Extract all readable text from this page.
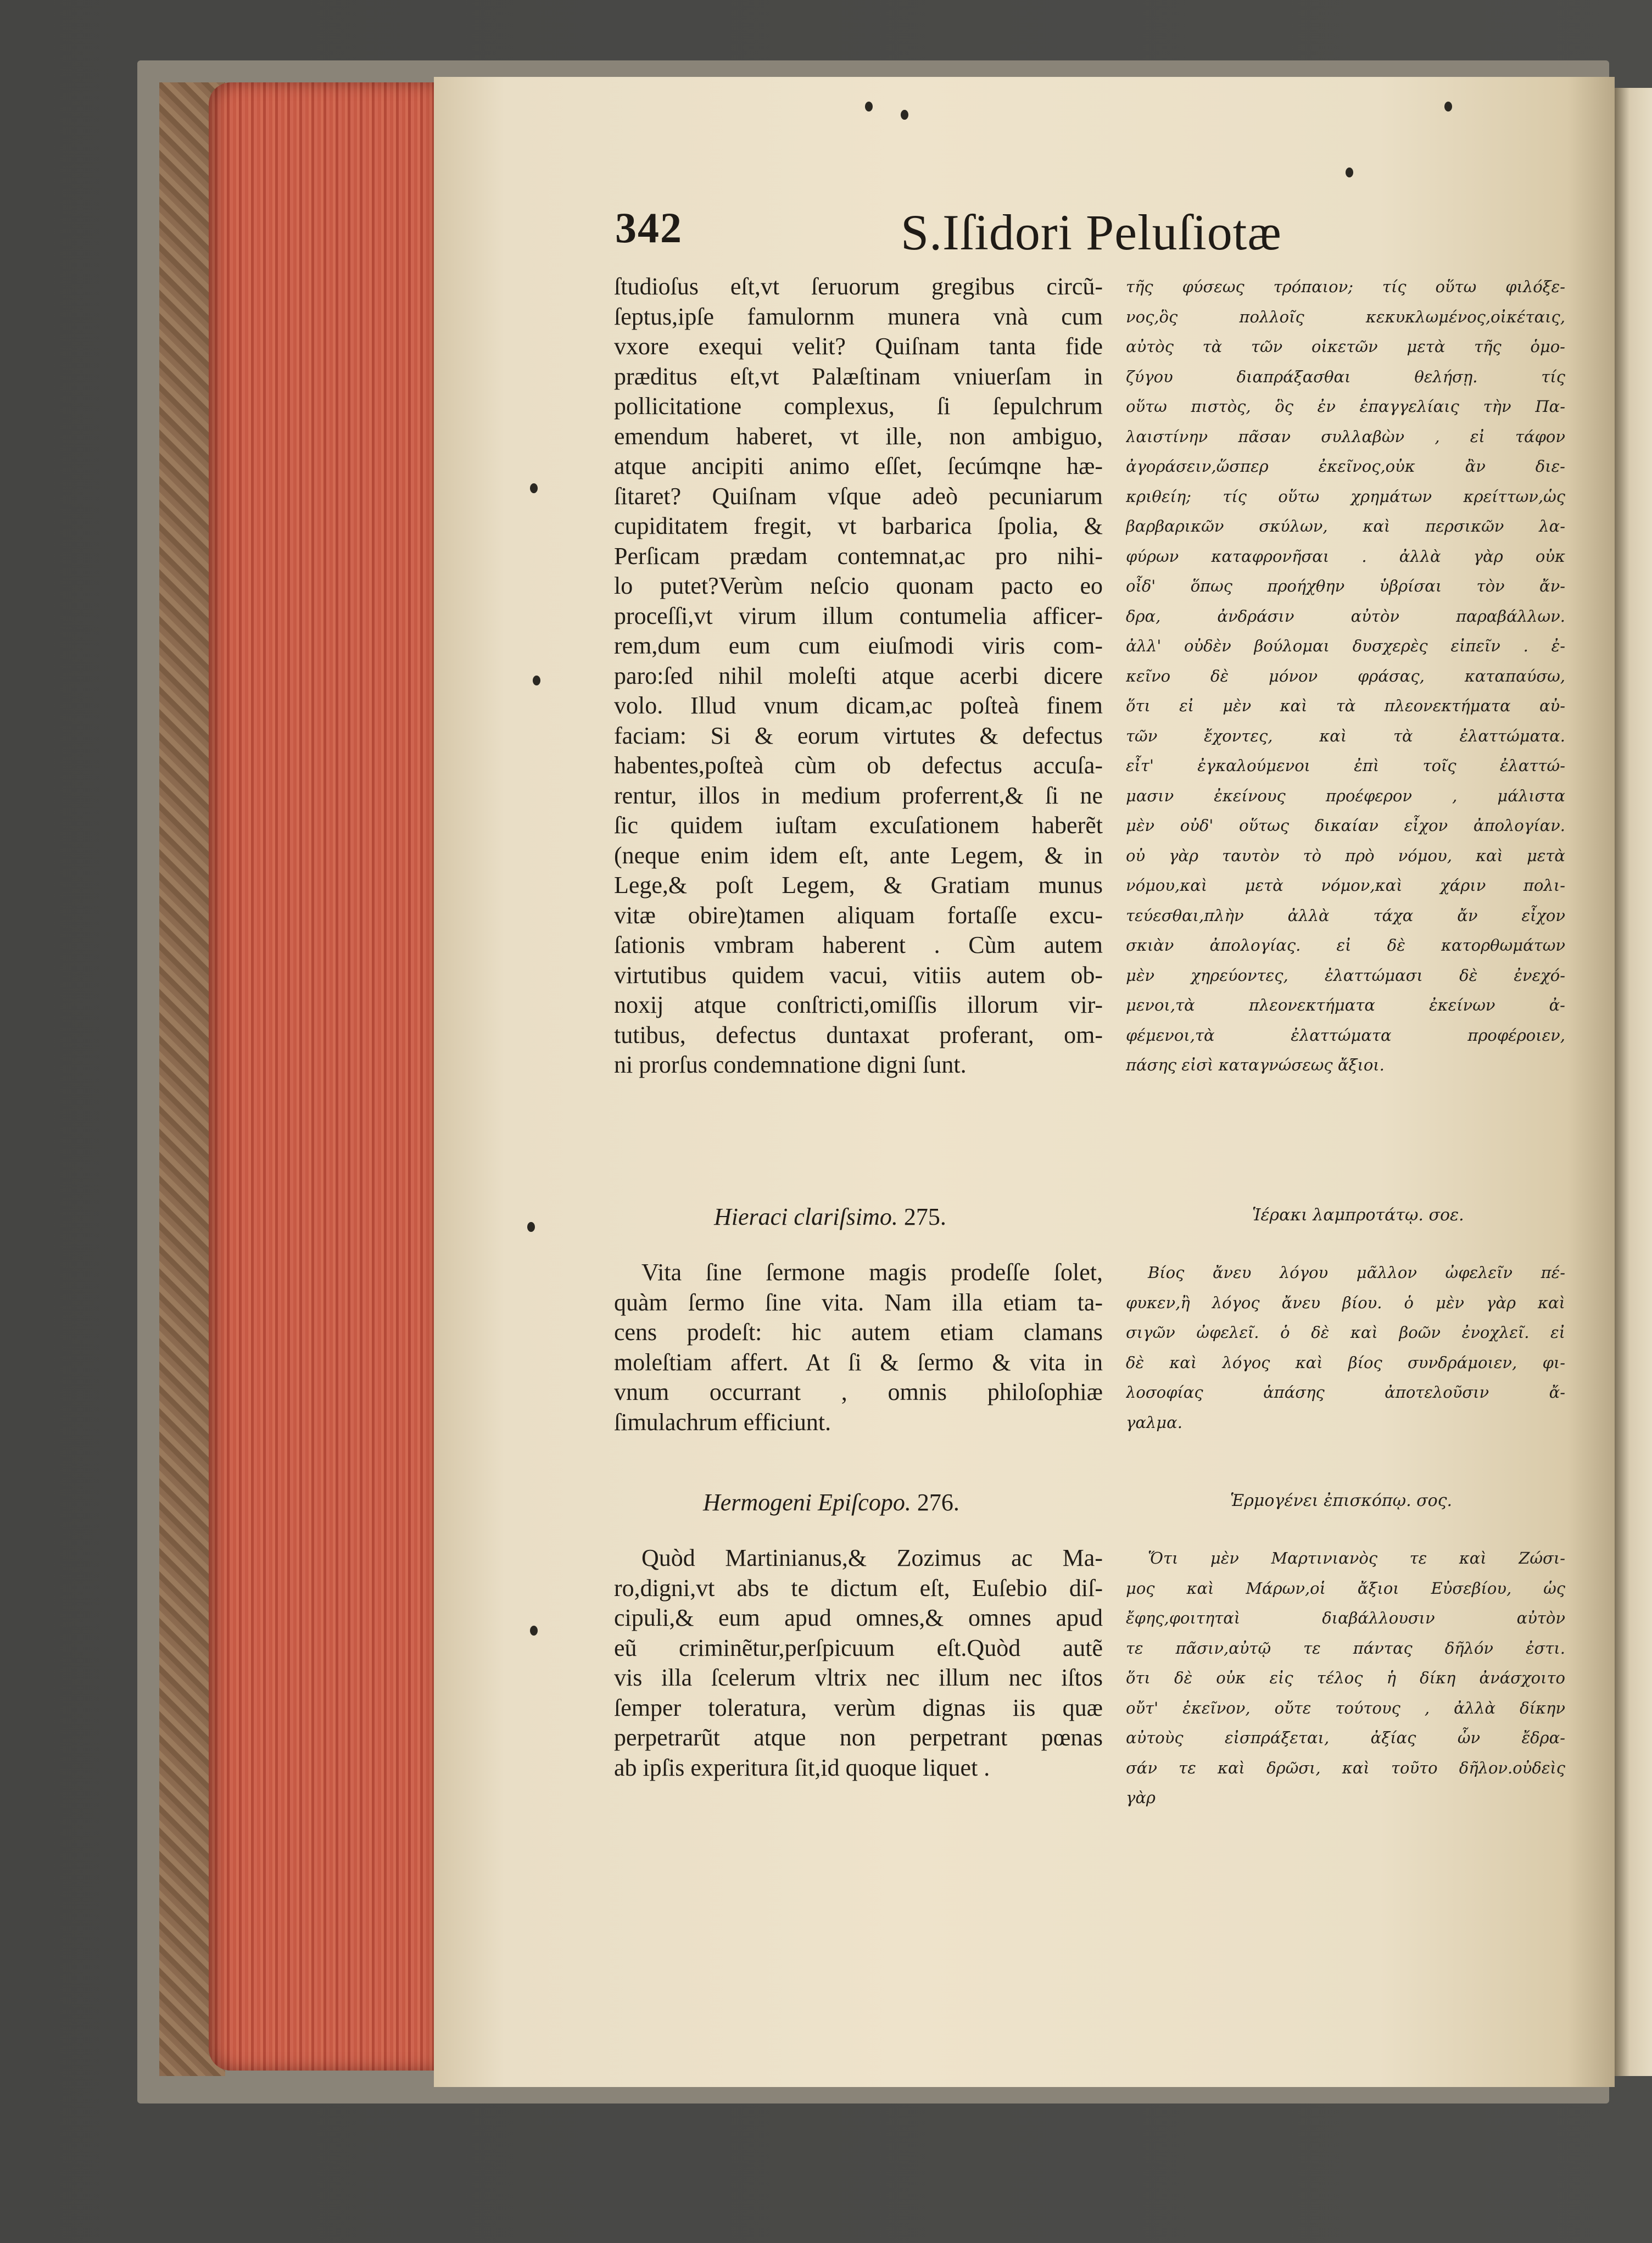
342	S.Iſidori Peluſiotæ
ſtudioſus eſt,vt ſeruorum gregibus circũ-
ſeptus,ipſe famulornm munera vnà cum
vxore exequi velit? Quiſnam tanta fide
præditus eſt,vt Palæſtinam vniuerſam in
pollicitatione complexus, ſi ſepulchrum
emendum haberet, vt ille, non ambiguo,
atque ancipiti animo eſſet, ſecúmqne hæ-
ſitaret? Quiſnam vſque adeò pecuniarum
cupiditatem fregit, vt barbarica ſpolia, &
Perſicam prædam contemnat,ac pro nihi-
lo putet?Verùm neſcio quonam pacto eo
proceſſi,vt virum illum contumelia afficer-
rem,dum eum cum eiuſmodi viris com-
paro:ſed nihil moleſti atque acerbi dicere
volo. Illud vnum dicam,ac poſteà finem
faciam: Si & eorum virtutes & defectus
habentes,poſteà cùm ob defectus accuſa-
rentur, illos in medium proferrent,& ſi ne
ſic quidem iuſtam excuſationem haberẽt
(neque enim idem eſt, ante Legem, & in
Lege,& poſt Legem, & Gratiam munus
vitæ obire)tamen aliquam fortaſſe excu-
ſationis vmbram haberent . Cùm autem
virtutibus quidem vacui, vitiis autem ob-
noxij atque conſtricti,omiſſis illorum vir-
tutibus, defectus duntaxat proferant, om-
ni prorſus condemnatione digni ſunt.
Hieraci clariſsimo. 275.
Vita ſine ſermone magis prodeſſe ſolet,
quàm ſermo ſine vita. Nam illa etiam ta-
cens prodeſt: hic autem etiam clamans
moleſtiam affert. At ſi & ſermo & vita in
vnum occurrant , omnis philoſophiæ
ſimulachrum efficiunt.
Hermogeni Epiſcopo. 276.
Quòd Martinianus,& Zozimus ac Ma-
ro,digni,vt abs te dictum eſt, Euſebio diſ-
cipuli,& eum apud omnes,& omnes apud
eũ criminẽtur,perſpicuum eſt.Quòd autẽ
vis illa ſcelerum vltrix nec illum nec iſtos
ſemper toleratura, verùm dignas iis quæ
perpetrarũt atque non perpetrant pœnas
ab ipſis experitura ſit,id quoque liquet .
τῆς φύσεως τρόπαιον; τίς οὕτω φιλόξε-
νος,ὃς πολλοῖς κεκυκλωμένος,οἰκέταις,
αὐτὸς τὰ τῶν οἰκετῶν μετὰ τῆς ὁμο-
ζύγου διαπράξασθαι θελήσῃ. τίς
οὕτω πιστὸς, ὃς ἐν ἐπαγγελίαις τὴν Πα-
λαιστίνην πᾶσαν συλλαβὼν , εἰ τάφον
ἀγοράσειν,ὥσπερ ἐκεῖνος,οὐκ ἂν διε-
κριθείη; τίς οὕτω χρημάτων κρείττων,ὡς
βαρβαρικῶν σκύλων, καὶ περσικῶν λα-
φύρων καταφρονῆσαι . ἀλλὰ γὰρ οὐκ
οἶδ' ὅπως προήχθην ὑβρίσαι τὸν ἄν-
δρα, ἀνδράσιν αὐτὸν παραβάλλων.
ἀλλ' οὐδὲν βούλομαι δυσχερὲς εἰπεῖν . ἐ-
κεῖνο δὲ μόνον φράσας, καταπαύσω,
ὅτι εἰ μὲν καὶ τὰ πλεονεκτήματα αὐ-
τῶν ἔχοντες, καὶ τὰ ἐλαττώματα.
εἶτ' ἐγκαλούμενοι ἐπὶ τοῖς ἐλαττώ-
μασιν ἐκείνους προέφερον , μάλιστα
μὲν οὐδ' οὕτως δικαίαν εἶχον ἀπολογίαν.
οὐ γὰρ ταυτὸν τὸ πρὸ νόμου, καὶ μετὰ
νόμου,καὶ μετὰ νόμον,καὶ χάριν πολι-
τεύεσθαι,πλὴν ἀλλὰ τάχα ἄν εἶχον
σκιὰν ἀπολογίας. εἰ δὲ κατορθωμάτων
μὲν χηρεύοντες, ἐλαττώμασι δὲ ἐνεχό-
μενοι,τὰ πλεονεκτήματα ἐκείνων ἀ-
φέμενοι,τὰ ἐλαττώματα προφέροιεν,
πάσης εἰσὶ καταγνώσεως ἄξιοι.
Ἱέρακι λαμπροτάτῳ. σοε.
Βίος ἄνευ λόγου μᾶλλον ὠφελεῖν πέ-
φυκεν,ἢ λόγος ἄνευ βίου. ὁ μὲν γὰρ καὶ
σιγῶν ὠφελεῖ. ὁ δὲ καὶ βοῶν ἐνοχλεῖ. εἰ
δὲ καὶ λόγος καὶ βίος συνδράμοιεν, φι-
λοσοφίας ἁπάσης ἀποτελοῦσιν ἄ-
γαλμα.
Ἑρμογένει ἐπισκόπῳ. σος.
Ὅτι μὲν Μαρτινιανὸς τε καὶ Ζώσι-
μος καὶ Μάρων,οἱ ἄξιοι Εὐσεβίου, ὡς
ἔφης,φοιτηταὶ διαβάλλουσιν αὐτὸν
τε πᾶσιν,αὐτῷ τε πάντας δῆλόν ἐστι.
ὅτι δὲ οὐκ εἰς τέλος ἡ δίκη ἀνάσχοιτο
οὔτ' ἐκεῖνον, οὔτε τούτους , ἀλλὰ δίκην
αὐτοὺς εἰσπράξεται, ἀξίας ὧν ἔδρα-
σάν τε καὶ δρῶσι, καὶ τοῦτο δῆλον.οὐδεὶς
γὰρ
